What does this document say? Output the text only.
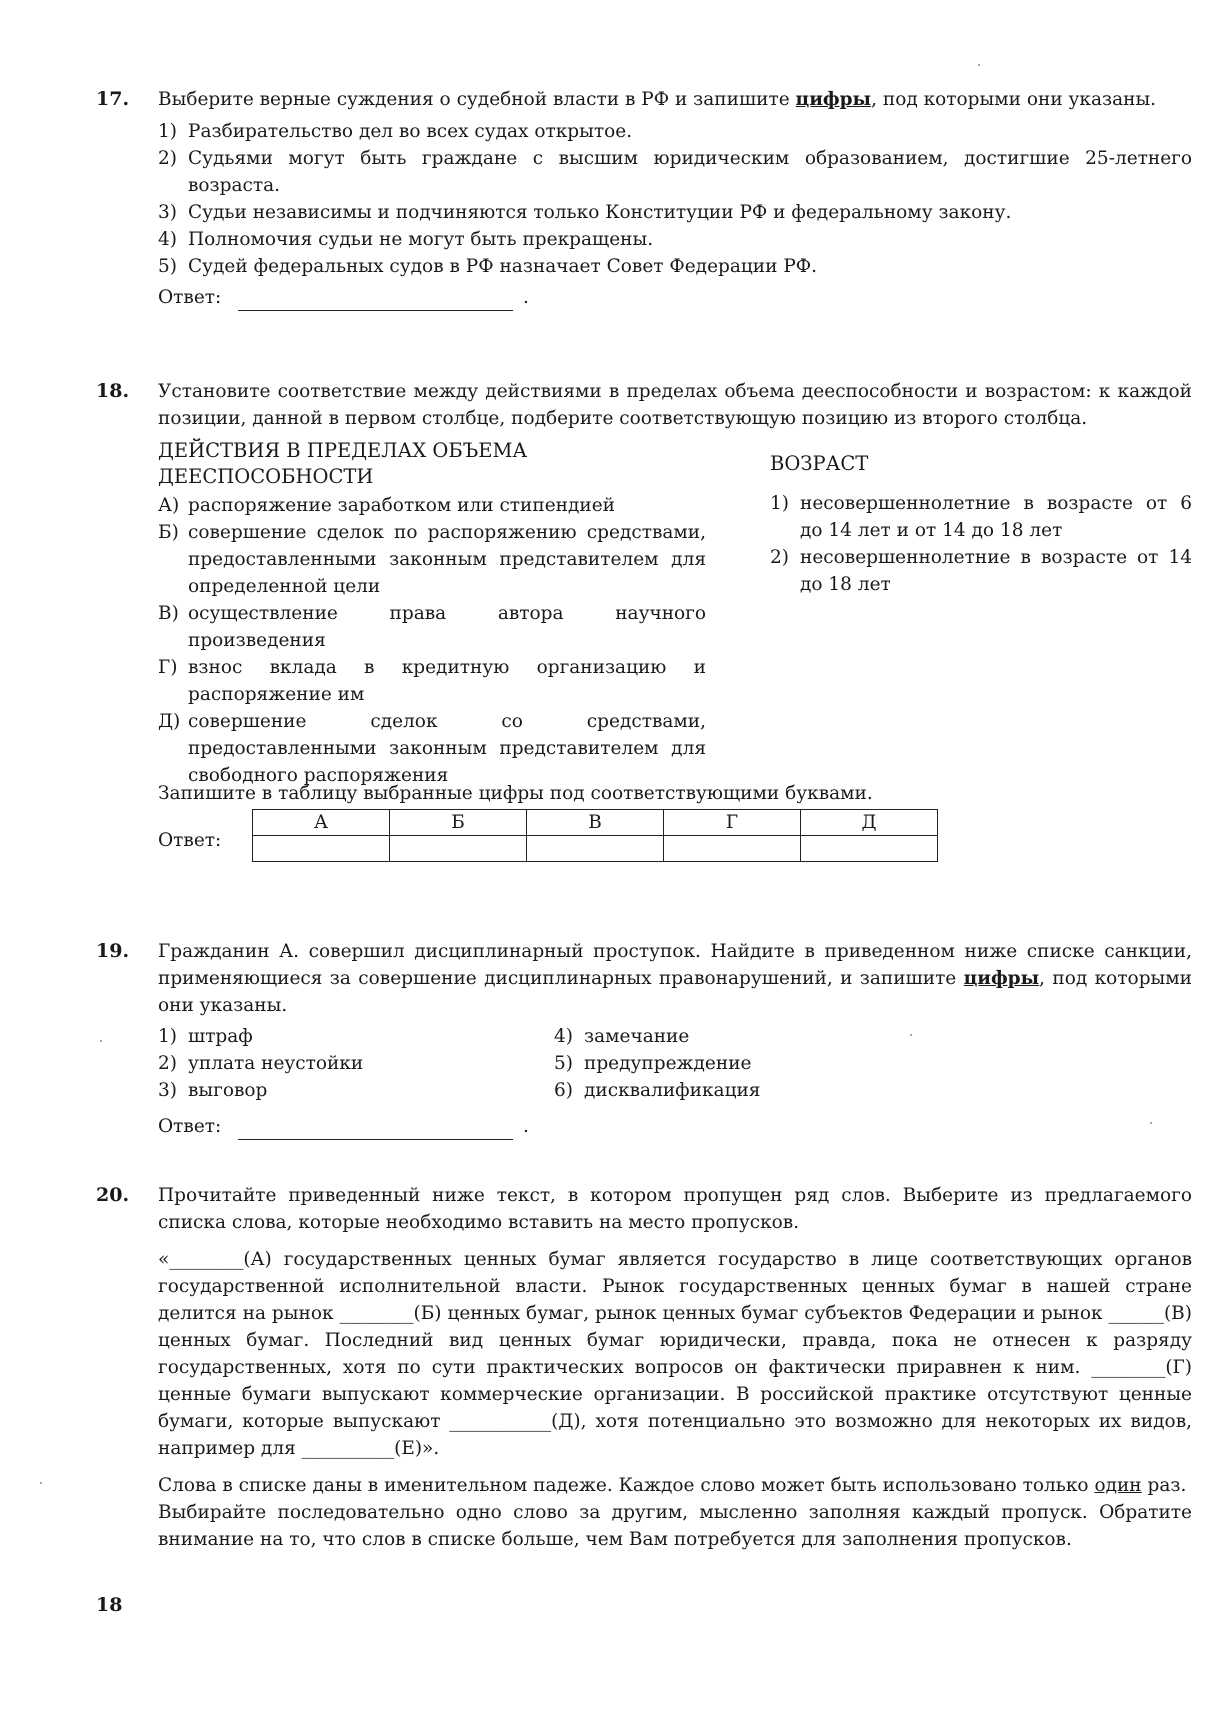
17. Выберите верные суждения о судебной власти в РФ и запишите цифры, под которыми они указаны.

1) Разбирательство дел во всех судах открытое.
2) Судьями могут быть граждане с высшим юридическим образованием, достигшие 25-летнего возраста.
3) Судьи независимы и подчиняются только Конституции РФ и федеральному закону.
4) Полномочия судьи не могут быть прекращены.
5) Судей федеральных судов в РФ назначает Совет Федерации РФ.
Ответ:	.
18. Установите соответствие между действиями в пределах объема дееспособности и возрастом: к каждой позиции, данной в первом столбце, подберите соответствующую позицию из второго столбца.

ДЕЙСТВИЯ В ПРЕДЕЛАХ ОБЪЕМА
ДЕЕСПОСОБНОСТИ
А) распоряжение заработком или стипендией
Б) совершение сделок по распоряжению средствами, предоставленными законным представителем для определенной цели
В) осуществление права автора научного произведения
Г) взнос вклада в кредитную организацию и распоряжение им
Д) совершение сделок со средствами, предоставленными законным представителем для свободного распоряжения
ВОЗРАСТ
1) несовершеннолетние в возрасте от 6 до 14 лет и от 14 до 18 лет
2) несовершеннолетние в возрасте от 14 до 18 лет

Запишите в таблицу выбранные цифры под соответствующими буквами.

Ответ:
А	Б	В	Г	Д

19. Гражданин А. совершил дисциплинарный проступок. Найдите в приведенном ниже списке санкции, применяющиеся за совершение дисциплинарных правонарушений, и запишите цифры, под которыми они указаны.

1) штраф
2) уплата неустойки
3) выговор
4) замечание
5) предупреждение
6) дисквалификация
Ответ:	.
20. Прочитайте приведенный ниже текст, в котором пропущен ряд слов. Выберите из предлагаемого списка слова, которые необходимо вставить на место пропусков.

«________(А) государственных ценных бумаг является государство в лице соответствующих органов государственной исполнительной власти. Рынок государственных ценных бумаг в нашей стране делится на рынок ________(Б) ценных бумаг, рынок ценных бумаг субъектов Федерации и рынок ______(В) ценных бумаг. Последний вид ценных бумаг юридически, правда, пока не отнесен к разряду государственных, хотя по сути практических вопросов он фактически приравнен к ним. ________(Г) ценные бумаги выпускают коммерческие организации. В российской практике отсутствуют ценные бумаги, которые выпускают ___________(Д), хотя потенциально это возможно для некоторых их видов, например для __________(Е)».

Слова в списке даны в именительном падеже. Каждое слово может быть использовано только один раз.

Выбирайте последовательно одно слово за другим, мысленно заполняя каждый пропуск. Обратите внимание на то, что слов в списке больше, чем Вам потребуется для заполнения пропусков.

18
